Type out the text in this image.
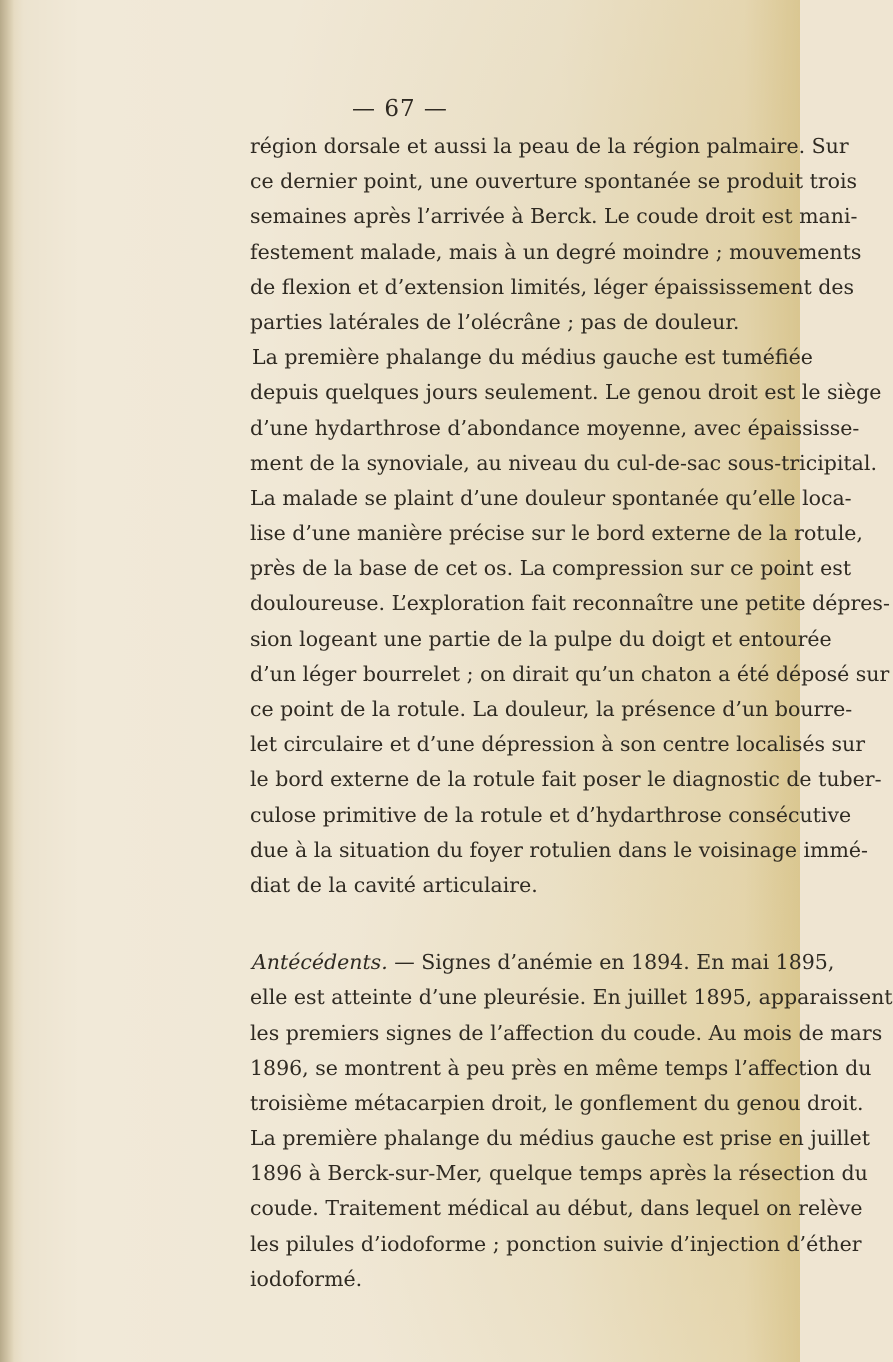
— 67 —
région dorsale et aussi la peau de la région palmaire. Sur
ce dernier point, une ouverture spontanée se produit trois
semaines après l’arrivée à Berck. Le coude droit est mani-
festement malade, mais à un degré moindre ; mouvements
de flexion et d’extension limités, léger épaississement des
parties latérales de l’olécrâne ; pas de douleur.
La première phalange du médius gauche est tuméfiée
depuis quelques jours seulement. Le genou droit est le siège
d’une hydarthrose d’abondance moyenne, avec épaississe-
ment de la synoviale, au niveau du cul-de-sac sous-tricipital.
La malade se plaint d’une douleur spontanée qu’elle loca-
lise d’une manière précise sur le bord externe de la rotule,
près de la base de cet os. La compression sur ce point est
douloureuse. L’exploration fait reconnaître une petite dépres-
sion logeant une partie de la pulpe du doigt et entourée
d’un léger bourrelet ; on dirait qu’un chaton a été déposé sur
ce point de la rotule. La douleur, la présence d’un bourre-
let circulaire et d’une dépression à son centre localisés sur
le bord externe de la rotule fait poser le diagnostic de tuber-
culose primitive de la rotule et d’hydarthrose consécutive
due à la situation du foyer rotulien dans le voisinage immé-
diat de la cavité articulaire.
Antécédents. — Signes d’anémie en 1894. En mai 1895,
elle est atteinte d’une pleurésie. En juillet 1895, apparaissent
les premiers signes de l’affection du coude. Au mois de mars
1896, se montrent à peu près en même temps l’affection du
troisième métacarpien droit, le gonflement du genou droit.
La première phalange du médius gauche est prise en juillet
1896 à Berck-sur-Mer, quelque temps après la résection du
coude. Traitement médical au début, dans lequel on relève
les pilules d’iodoforme ; ponction suivie d’injection d’éther
iodoformé.
